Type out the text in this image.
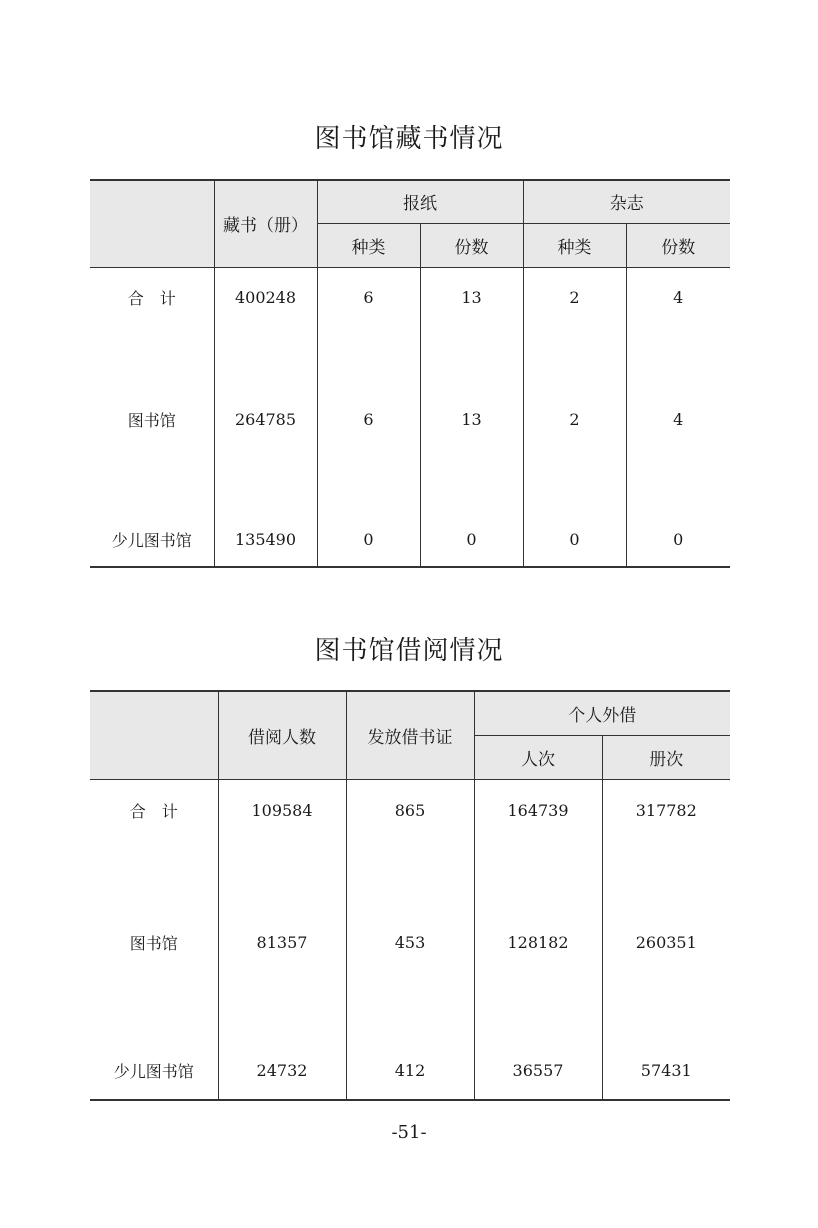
图书馆藏书情况
	藏书（册）	报纸		杂志	
		种类	份数	种类	份数
合　计	400248	6	13	2	4
图书馆	264785	6	13	2	4
少儿图书馆	135490	0	0	0	0
图书馆借阅情况
	借阅人数	发放借书证	个人外借	
			人次	册次
合　计	109584	865	164739	317782
图书馆	81357	453	128182	260351
少儿图书馆	24732	412	36557	57431
-51-
